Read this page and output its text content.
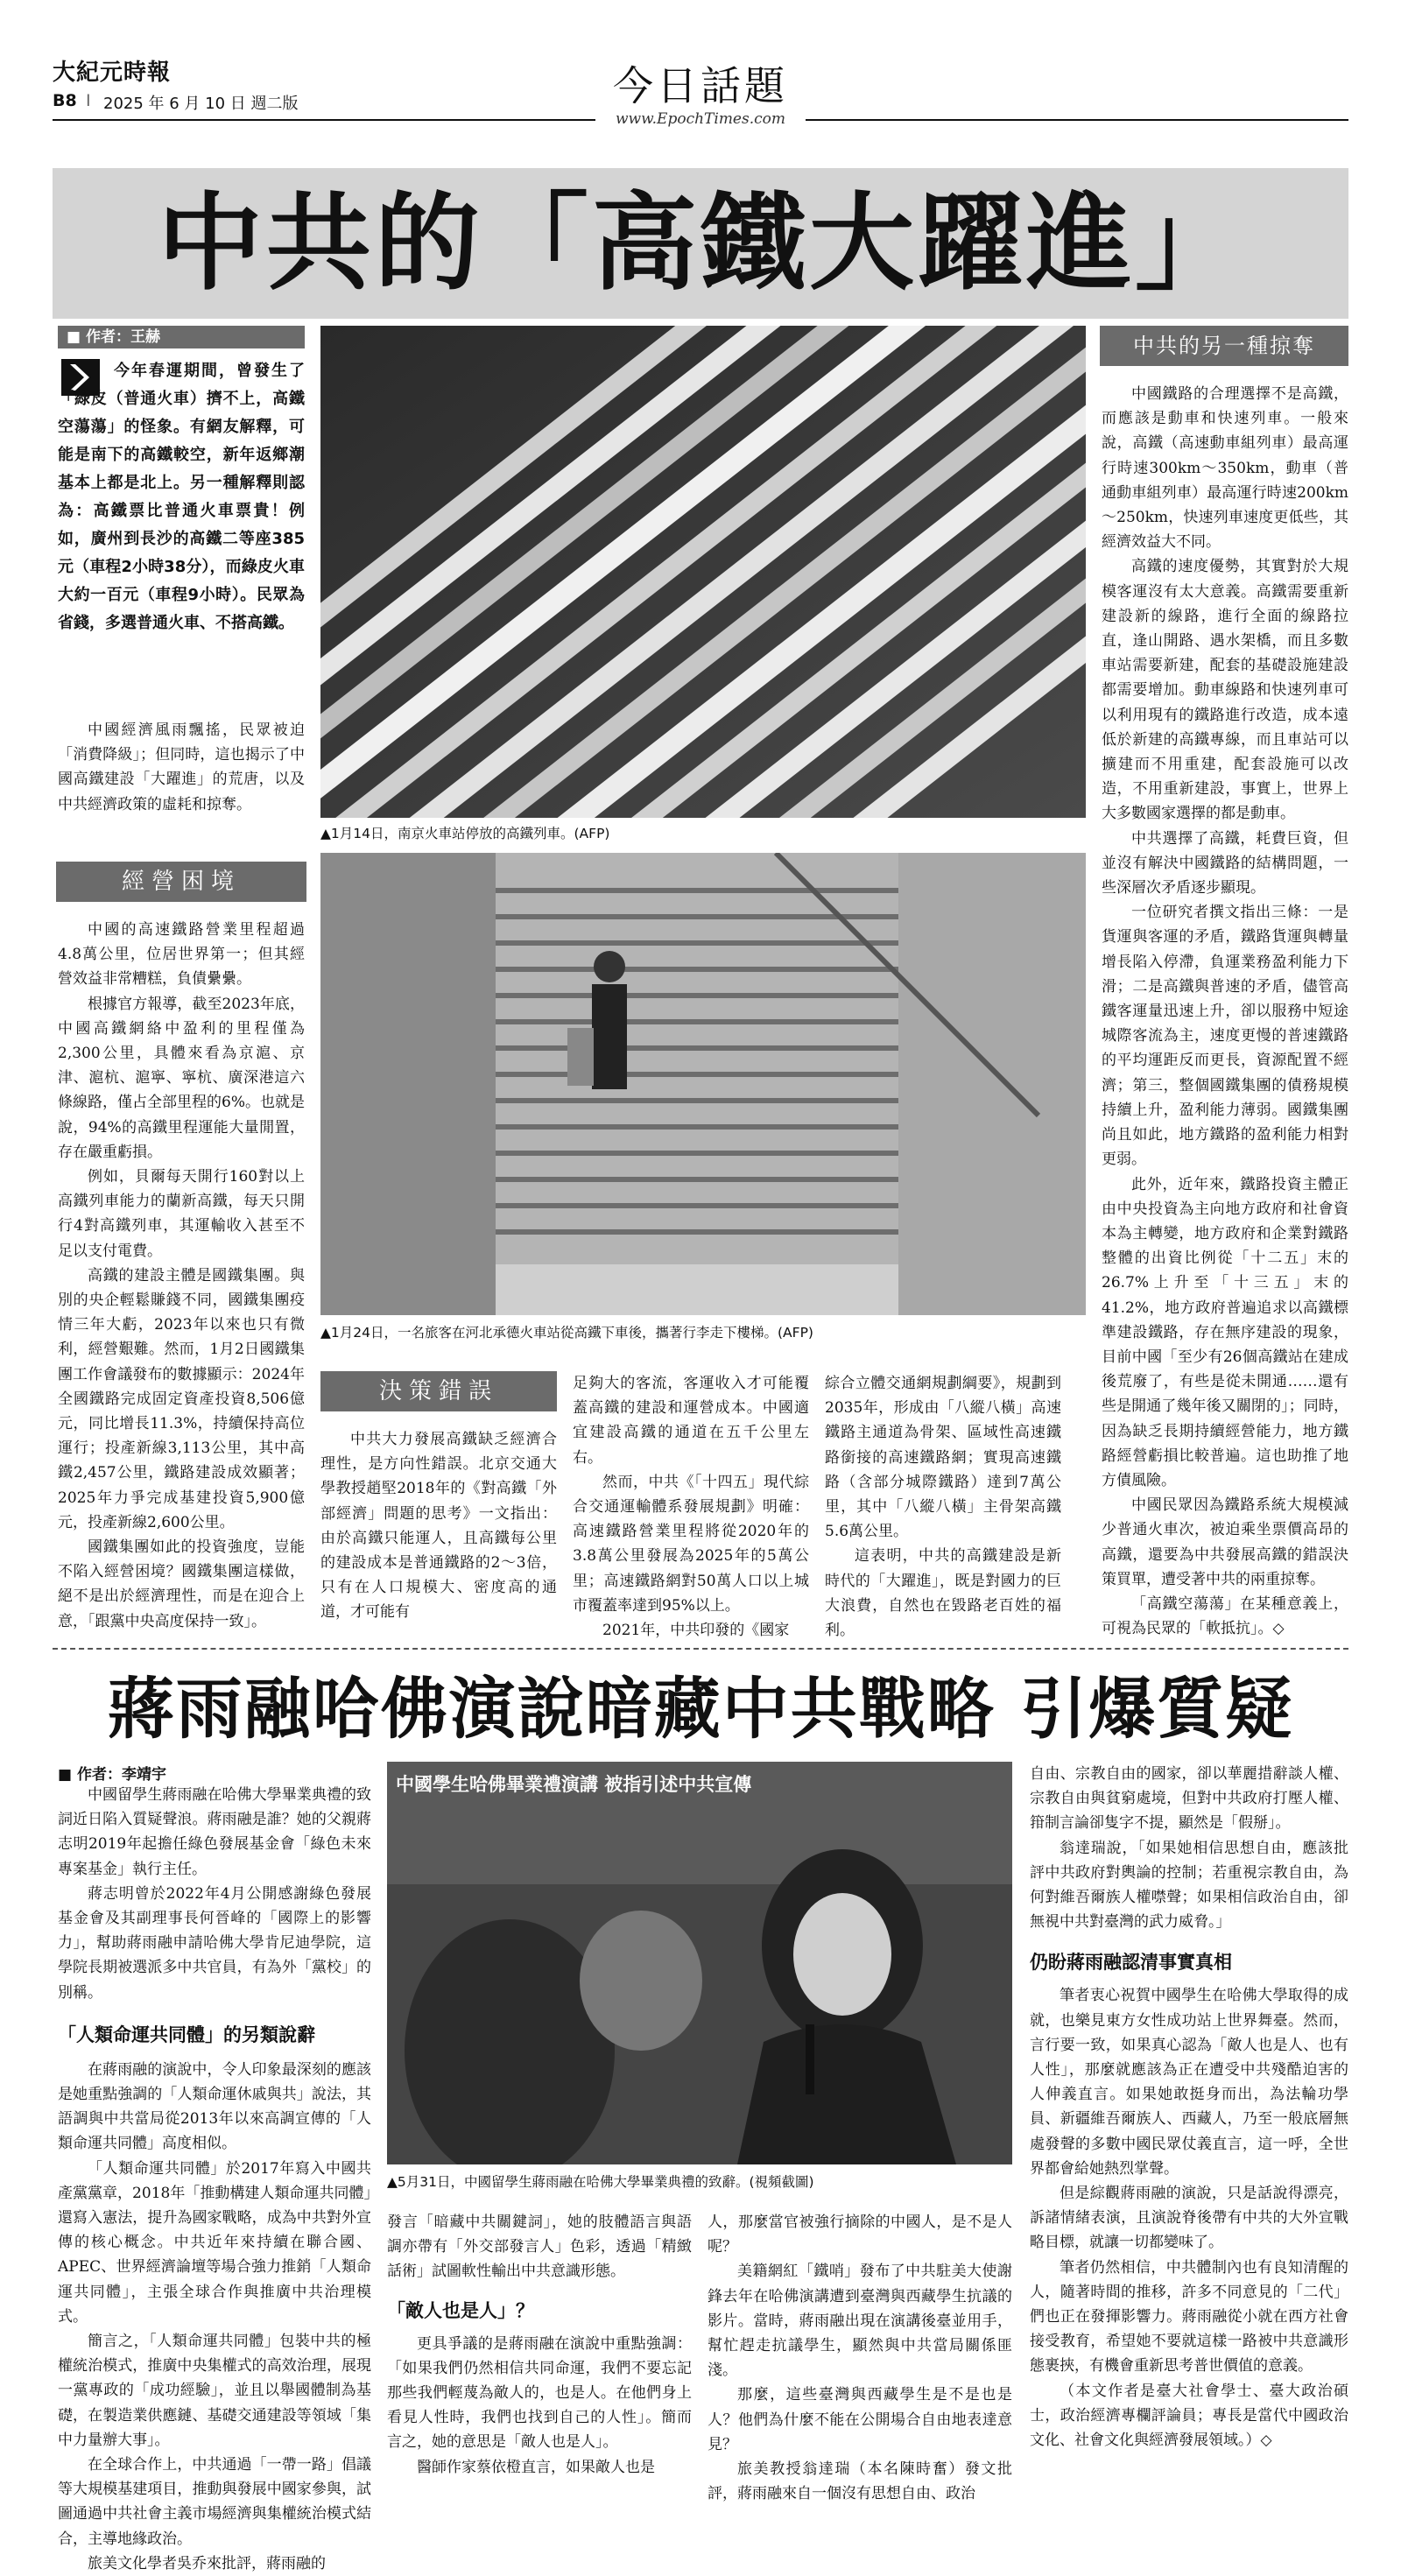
大紀元時報
B8 I 2025 年 6 月 10 日 週二版	今日話題
www.EpochTimes.com
中共的「高鐵大躍進」
■ 作者：王赫
今年春運期間，曾發生了「綠皮（普通火車）擠不上，高鐵空蕩蕩」的怪象。有網友解釋，可能是南下的高鐵較空，新年返鄉潮基本上都是北上。另一種解釋則認為：高鐵票比普通火車票貴！例如，廣州到長沙的高鐵二等座385元（車程2小時38分），而綠皮火車大約一百元（車程9小時）。民眾為省錢，多選普通火車、不搭高鐵。

中國經濟風雨飄搖，民眾被迫「消費降級」；但同時，這也揭示了中國高鐵建設「大躍進」的荒唐，以及中共經濟政策的虛耗和掠奪。

經營困境

中國的高速鐵路營業里程超過4.8萬公里，位居世界第一；但其經營效益非常糟糕，負債纍纍。

根據官方報導，截至2023年底，中國高鐵網絡中盈利的里程僅為2,300公里，具體來看為京滬、京津、滬杭、滬寧、寧杭、廣深港這六條線路，僅占全部里程的6%。也就是說，94%的高鐵里程運能大量閒置，存在嚴重虧損。

例如，貝爾每天開行160對以上高鐵列車能力的蘭新高鐵，每天只開行4對高鐵列車，其運輸收入甚至不足以支付電費。

高鐵的建設主體是國鐵集團。與別的央企輕鬆賺錢不同，國鐵集團疫情三年大虧，2023年以來也只有微利，經營艱難。然而，1月2日國鐵集團工作會議發布的數據顯示：2024年全國鐵路完成固定資產投資8,506億元，同比增長11.3%，持續保持高位運行；投產新線3,113公里，其中高鐵2,457公里，鐵路建設成效顯著；2025年力爭完成基建投資5,900億元，投產新線2,600公里。

國鐵集團如此的投資強度，豈能不陷入經營困境？國鐵集團這樣做，絕不是出於經濟理性，而是在迎合上意，「跟黨中央高度保持一致」。

▲1月14日，南京火車站停放的高鐵列車。(AFP)
▲1月24日，一名旅客在河北承德火車站從高鐵下車後，攜著行李走下樓梯。(AFP)
決策錯誤

中共大力發展高鐵缺乏經濟合理性，是方向性錯誤。北京交通大學教授趙堅2018年的《對高鐵「外部經濟」問題的思考》一文指出：由於高鐵只能運人，且高鐵每公里的建設成本是普通鐵路的2～3倍，只有在人口規模大、密度高的通道，才可能有

足夠大的客流，客運收入才可能覆蓋高鐵的建設和運營成本。中國適宜建設高鐵的通道在五千公里左右。

然而，中共《「十四五」現代綜合交通運輸體系發展規劃》明確：高速鐵路營業里程將從2020年的3.8萬公里發展為2025年的5萬公里；高速鐵路網對50萬人口以上城市覆蓋率達到95%以上。

2021年，中共印發的《國家

綜合立體交通網規劃綱要》，規劃到2035年，形成由「八縱八橫」高速鐵路主通道為骨架、區域性高速鐵路銜接的高速鐵路網；實現高速鐵路（含部分城際鐵路）達到7萬公里，其中「八縱八橫」主骨架高鐵5.6萬公里。

這表明，中共的高鐵建設是新時代的「大躍進」，既是對國力的巨大浪費，自然也在毀路老百姓的福利。

中共的另一種掠奪

中國鐵路的合理選擇不是高鐵，而應該是動車和快速列車。一般來說，高鐵（高速動車組列車）最高運行時速300km～350km，動車（普通動車組列車）最高運行時速200km～250km，快速列車速度更低些，其經濟效益大不同。

高鐵的速度優勢，其實對於大規模客運沒有太大意義。高鐵需要重新建設新的線路，進行全面的線路拉直，逢山開路、遇水架橋，而且多數車站需要新建，配套的基礎設施建設都需要增加。動車線路和快速列車可以利用現有的鐵路進行改造，成本遠低於新建的高鐵專線，而且車站可以擴建而不用重建，配套設施可以改造，不用重新建設，事實上，世界上大多數國家選擇的都是動車。

中共選擇了高鐵，耗費巨資，但並沒有解決中國鐵路的結構問題，一些深層次矛盾逐步顯現。

一位研究者撰文指出三條：一是貨運與客運的矛盾，鐵路貨運與轉量增長陷入停滯，負運業務盈利能力下滑；二是高鐵與普速的矛盾，儘管高鐵客運量迅速上升，卻以服務中短途城際客流為主，速度更慢的普速鐵路的平均運距反而更長，資源配置不經濟；第三，整個國鐵集團的債務規模持續上升，盈利能力薄弱。國鐵集團尚且如此，地方鐵路的盈利能力相對更弱。

此外，近年來，鐵路投資主體正由中央投資為主向地方政府和社會資本為主轉變，地方政府和企業對鐵路整體的出資比例從「十二五」末的26.7%上升至「十三五」末的41.2%，地方政府普遍追求以高鐵標準建設鐵路，存在無序建設的現象，目前中國「至少有26個高鐵站在建成後荒廢了，有些是從未開通……還有些是開通了幾年後又關閉的」；同時，因為缺乏長期持續經營能力，地方鐵路經營虧損比較普遍。這也助推了地方債風險。

中國民眾因為鐵路系統大規模減少普通火車次，被迫乘坐票價高昂的高鐵，還要為中共發展高鐵的錯誤決策買單，遭受著中共的兩重掠奪。

「高鐵空蕩蕩」在某種意義上，可視為民眾的「軟抵抗」。◇

蔣雨融哈佛演說暗藏中共戰略 引爆質疑
■ 作者：李靖宇

中國留學生蔣雨融在哈佛大學畢業典禮的致詞近日陷入質疑聲浪。蔣雨融是誰？她的父親蔣志明2019年起擔任綠色發展基金會「綠色未來專案基金」執行主任。

蔣志明曾於2022年4月公開感謝綠色發展基金會及其副理事長何晉峰的「國際上的影響力」，幫助蔣雨融申請哈佛大學肯尼迪學院，這學院長期被選派多中共官員，有為外「黨校」的別稱。

「人類命運共同體」的另類說辭

在蔣雨融的演說中，令人印象最深刻的應該是她重點強調的「人類命運休戚與共」說法，其語調與中共當局從2013年以來高調宣傳的「人類命運共同體」高度相似。

「人類命運共同體」於2017年寫入中國共產黨黨章，2018年「推動構建人類命運共同體」還寫入憲法，提升為國家戰略，成為中共對外宣傳的核心概念。中共近年來持續在聯合國、APEC、世界經濟論壇等場合強力推銷「人類命運共同體」，主張全球合作與推廣中共治理模式。

簡言之，「人類命運共同體」包裝中共的極權統治模式，推廣中央集權式的高效治理，展現一黨專政的「成功經驗」，並且以舉國體制為基礎，在製造業供應鏈、基礎交通建設等領域「集中力量辦大事」。

在全球合作上，中共通過「一帶一路」倡議等大規模基建項目，推動與發展中國家參與，試圖通過中共社會主義市場經濟與集權統治模式結合，主導地緣政治。

旅美文化學者吳乔來批評，蔣雨融的

中國學生哈佛畢業禮演講 被指引述中共宣傳
▲5月31日，中國留學生蔣雨融在哈佛大學畢業典禮的致辭。(視頻截圖)

發言「暗藏中共關鍵詞」，她的肢體語言與語調亦帶有「外交部發言人」色彩，透過「精緻話術」試圖軟性輸出中共意識形態。

「敵人也是人」？

更具爭議的是蔣雨融在演說中重點強調：「如果我們仍然相信共同命運，我們不要忘記那些我們輕蔑為敵人的，也是人。在他們身上看見人性時，我們也找到自己的人性」。簡而言之，她的意思是「敵人也是人」。

醫師作家蔡依橙直言，如果敵人也是

人，那麼當官被強行摘除的中國人，是不是人呢？

美籍網紅「鐵哨」發布了中共駐美大使謝鋒去年在哈佛演講遭到臺灣與西藏學生抗議的影片。當時，蔣雨融出現在演講後臺並用手，幫忙趕走抗議學生，顯然與中共當局關係匪淺。

那麼，這些臺灣與西藏學生是不是也是人？他們為什麼不能在公開場合自由地表達意見？

旅美教授翁達瑞（本名陳時奮）發文批評，蔣雨融來自一個沒有思想自由、政治

自由、宗教自由的國家，卻以華麗措辭談人權、宗教自由與貧窮處境，但對中共政府打壓人權、箝制言論卻隻字不提，顯然是「假掰」。

翁達瑞說，「如果她相信思想自由，應該批評中共政府對輿論的控制；若重視宗教自由，為何對維吾爾族人權噤聲；如果相信政治自由，卻無視中共對臺灣的武力威脅。」

仍盼蔣雨融認清事實真相

筆者衷心祝賀中國學生在哈佛大學取得的成就，也樂見東方女性成功站上世界舞臺。然而，言行要一致，如果真心認為「敵人也是人、也有人性」，那麼就應該為正在遭受中共殘酷迫害的人伸義直言。如果她敢挺身而出，為法輪功學員、新疆維吾爾族人、西藏人，乃至一般底層無處發聲的多數中國民眾仗義直言，這一呼，全世界都會給她熱烈掌聲。

但是綜觀蔣雨融的演說，只是話說得漂亮，訴諸情緒表演，且演說脊後帶有中共的大外宣戰略目標，就讓一切都變味了。

筆者仍然相信，中共體制內也有良知清醒的人，隨著時間的推移，許多不同意見的「二代」們也正在發揮影響力。蔣雨融從小就在西方社會接受教育，希望她不要就這樣一路被中共意識形態裹挾，有機會重新思考普世價值的意義。

（本文作者是臺大社會學士、臺大政治碩士，政治經濟專欄評論員；專長是當代中國政治文化、社會文化與經濟發展領域。）◇
